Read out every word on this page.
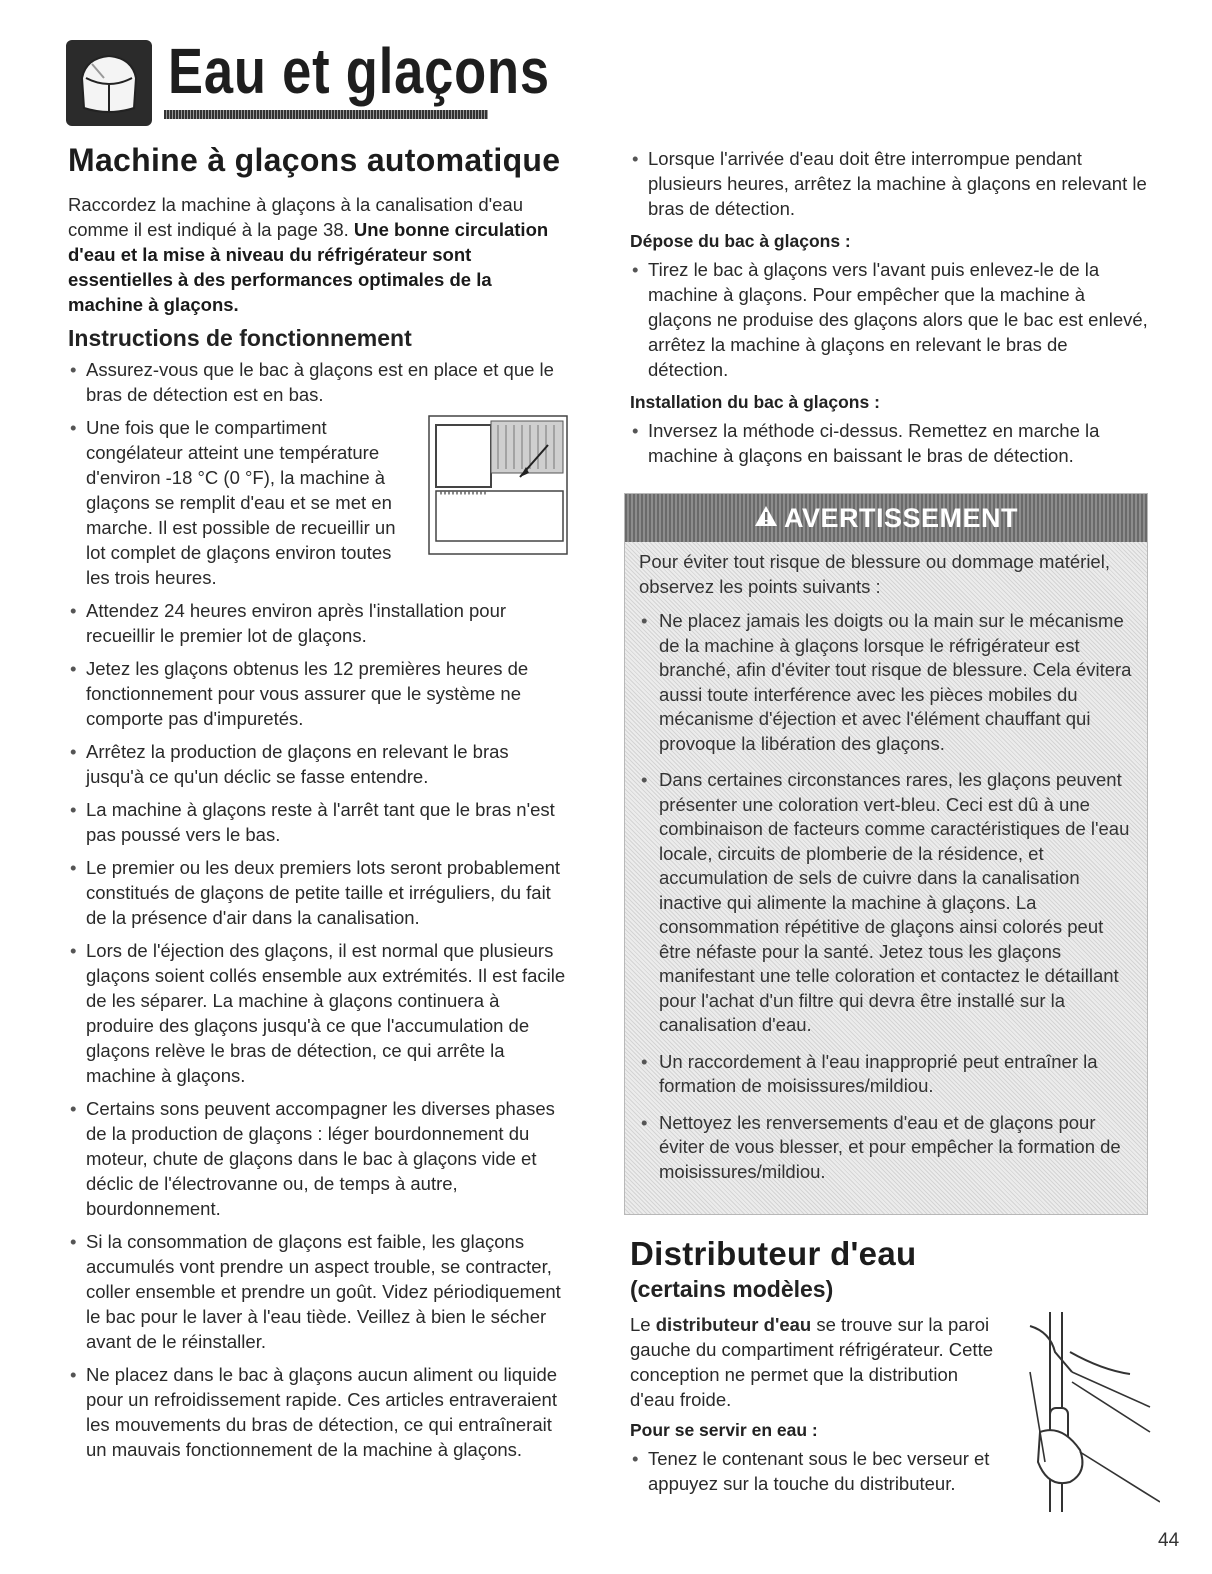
Eau et glaçons
Machine à glaçons automatique

Raccordez la machine à glaçons à la canalisation d'eau comme il est indiqué à la page 38. Une bonne circulation d'eau et la mise à niveau du réfrigérateur sont essentielles à des performances optimales de la machine à glaçons.

Instructions de fonctionnement
• Assurez-vous que le bac à glaçons est en place et que le bras de détection est en bas.
• Une fois que le compartiment congélateur atteint une température d'environ -18 °C (0 °F), la machine à glaçons se remplit d'eau et se met en marche. Il est possible de recueillir un lot complet de glaçons environ toutes les trois heures.
• Attendez 24 heures environ après l'installation pour recueillir le premier lot de glaçons.
• Jetez les glaçons obtenus les 12 premières heures de fonctionnement pour vous assurer que le système ne comporte pas d'impuretés.
• Arrêtez la production de glaçons en relevant le bras jusqu'à ce qu'un déclic se fasse entendre.
• La machine à glaçons reste à l'arrêt tant que le bras n'est pas poussé vers le bas.
• Le premier ou les deux premiers lots seront probablement constitués de glaçons de petite taille et irréguliers, du fait de la présence d'air dans la canalisation.
• Lors de l'éjection des glaçons, il est normal que plusieurs glaçons soient collés ensemble aux extrémités. Il est facile de les séparer. La machine à glaçons continuera à produire des glaçons jusqu'à ce que l'accumulation de glaçons relève le bras de détection, ce qui arrête la machine à glaçons.
• Certains sons peuvent accompagner les diverses phases de la production de glaçons : léger bourdonnement du moteur, chute de glaçons dans le bac à glaçons vide et déclic de l'électrovanne ou, de temps à autre, bourdonnement.
• Si la consommation de glaçons est faible, les glaçons accumulés vont prendre un aspect trouble, se contracter, coller ensemble et prendre un goût. Videz périodiquement le bac pour le laver à l'eau tiède. Veillez à bien le sécher avant de le réinstaller.
• Ne placez dans le bac à glaçons aucun aliment ou liquide pour un refroidissement rapide. Ces articles entraveraient les mouvements du bras de détection, ce qui entraînerait un mauvais fonctionnement de la machine à glaçons.
• Lorsque l'arrivée d'eau doit être interrompue pendant plusieurs heures, arrêtez la machine à glaçons en relevant le bras de détection.
Dépose du bac à glaçons :
• Tirez le bac à glaçons vers l'avant puis enlevez-le de la machine à glaçons. Pour empêcher que la machine à glaçons ne produise des glaçons alors que le bac est enlevé, arrêtez la machine à glaçons en relevant le bras de détection.
Installation du bac à glaçons :
• Inversez la méthode ci-dessus. Remettez en marche la machine à glaçons en baissant le bras de détection.
AVERTISSEMENT

Pour éviter tout risque de blessure ou dommage matériel, observez les points suivants :

• Ne placez jamais les doigts ou la main sur le mécanisme de la machine à glaçons lorsque le réfrigérateur est branché, afin d'éviter tout risque de blessure. Cela évitera aussi toute interférence avec les pièces mobiles du mécanisme d'éjection et avec l'élément chauffant qui provoque la libération des glaçons.
• Dans certaines circonstances rares, les glaçons peuvent présenter une coloration vert-bleu. Ceci est dû à une combinaison de facteurs comme caractéristiques de l'eau locale, circuits de plomberie de la résidence, et accumulation de sels de cuivre dans la canalisation inactive qui alimente la machine à glaçons. La consommation répétitive de glaçons ainsi colorés peut être néfaste pour la santé. Jetez tous les glaçons manifestant une telle coloration et contactez le détaillant pour l'achat d'un filtre qui devra être installé sur la canalisation d'eau.
• Un raccordement à l'eau inapproprié peut entraîner la formation de moisissures/mildiou.
• Nettoyez les renversements d'eau et de glaçons pour éviter de vous blesser, et pour empêcher la formation de moisissures/mildiou.
Distributeur d'eau
(certains modèles)

Le distributeur d'eau se trouve sur la paroi gauche du compartiment réfrigérateur. Cette conception ne permet que la distribution d'eau froide.

Pour se servir en eau :
• Tenez le contenant sous le bec verseur et appuyez sur la touche du distributeur.
44
